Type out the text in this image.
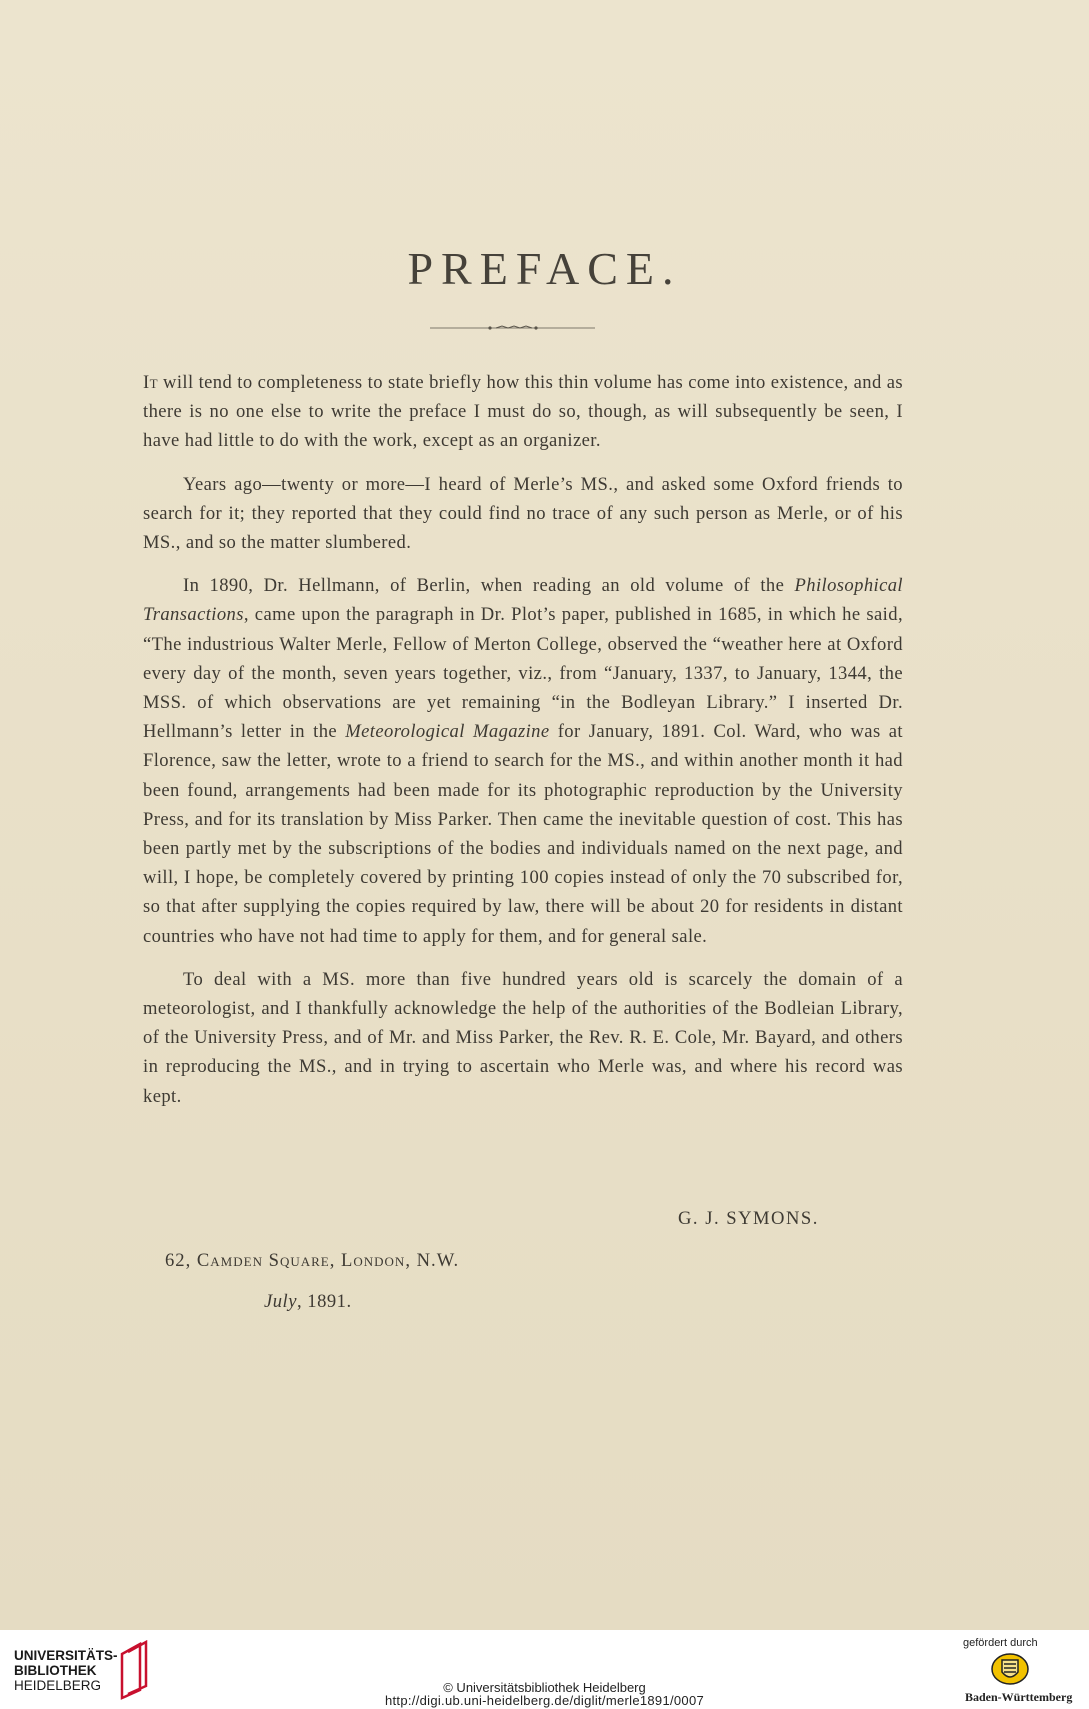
PREFACE.

It will tend to completeness to state briefly how this thin volume has come into existence, and as there is no one else to write the preface I must do so, though, as will subsequently be seen, I have had little to do with the work, except as an organizer.

Years ago—twenty or more—I heard of Merle’s MS., and asked some Oxford friends to search for it; they reported that they could find no trace of any such person as Merle, or of his MS., and so the matter slumbered.

In 1890, Dr. Hellmann, of Berlin, when reading an old volume of the Philosophical Transactions, came upon the paragraph in Dr. Plot’s paper, published in 1685, in which he said, “The industrious Walter Merle, Fellow of Merton College, observed the “weather here at Oxford every day of the month, seven years together, viz., from “January, 1337, to January, 1344, the MSS. of which observations are yet remaining “in the Bodleyan Library.” I inserted Dr. Hellmann’s letter in the Meteorological Magazine for January, 1891. Col. Ward, who was at Florence, saw the letter, wrote to a friend to search for the MS., and within another month it had been found, arrangements had been made for its photographic reproduction by the University Press, and for its translation by Miss Parker. Then came the inevitable question of cost. This has been partly met by the subscriptions of the bodies and individuals named on the next page, and will, I hope, be completely covered by printing 100 copies instead of only the 70 subscribed for, so that after supplying the copies required by law, there will be about 20 for residents in distant countries who have not had time to apply for them, and for general sale.

To deal with a MS. more than five hundred years old is scarcely the domain of a meteorologist, and I thankfully acknowledge the help of the authorities of the Bodleian Library, of the University Press, and of Mr. and Miss Parker, the Rev. R. E. Cole, Mr. Bayard, and others in reproducing the MS., and in trying to ascertain who Merle was, and where his record was kept.

G. J. SYMONS.
62, Camden Square, London, N.W.
July, 1891.
UNIVERSITÄTS-
BIBLIOTHEK
HEIDELBERG	© Universitätsbibliothek Heidelberg
http://digi.ub.uni-heidelberg.de/diglit/merle1891/0007
gefördert durch
Baden-Württemberg
